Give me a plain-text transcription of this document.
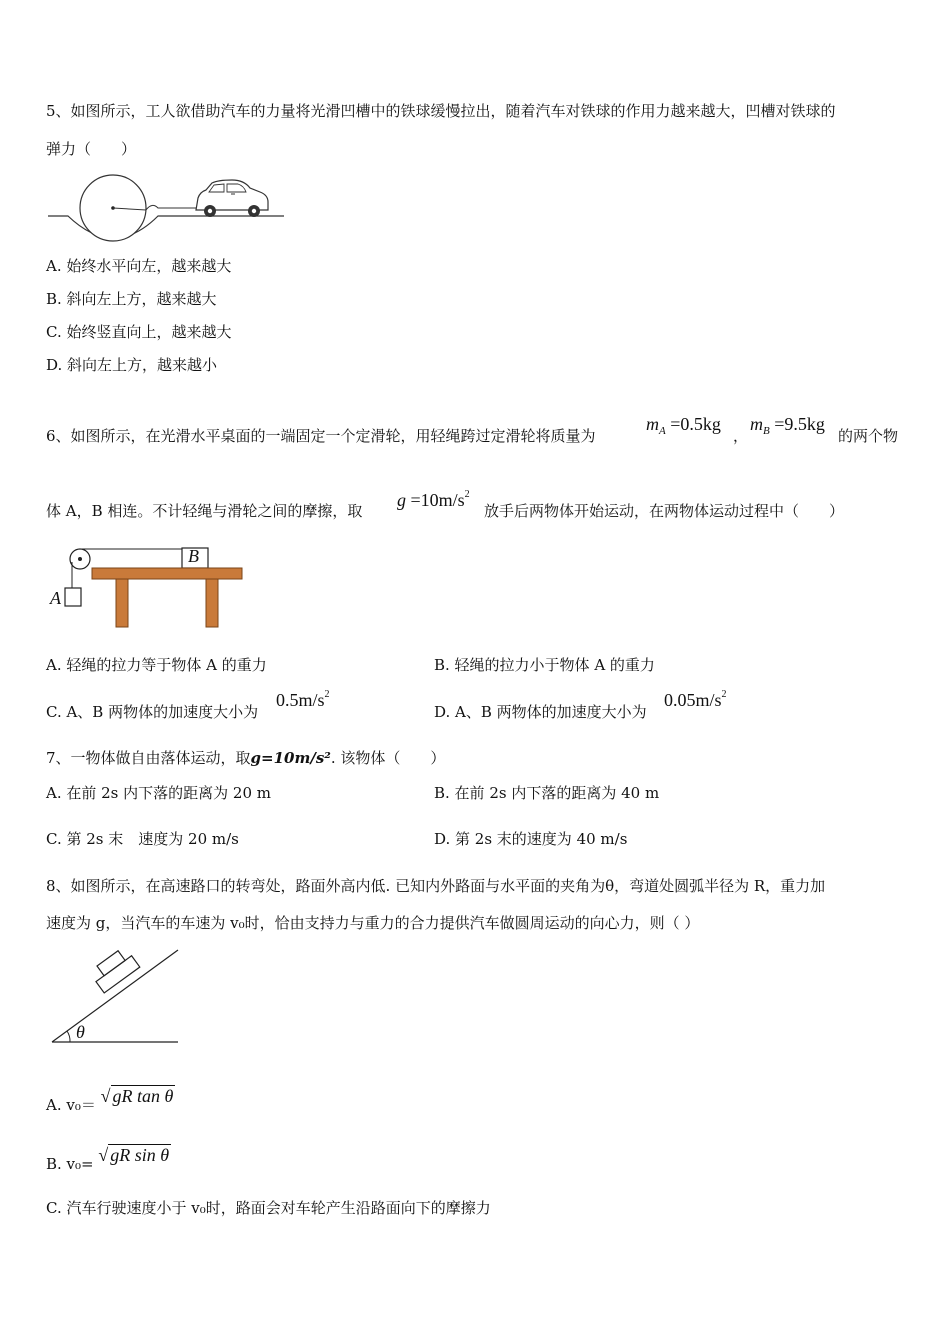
5、如图所示，工人欲借助汽车的力量将光滑凹槽中的铁球缓慢拉出，随着汽车对铁球的作用力越来越大，凹槽对铁球的
弹力（　　）
A. 始终水平向左，越来越大
B. 斜向左上方，越来越大
C. 始终竖直向上，越来越大
D. 斜向左上方，越来越小
6、如图所示，在光滑水平桌面的一端固定一个定滑轮，用轻绳跨过定滑轮将质量为
$m_A =0.5kg$
，
$m_B =9.5kg$
的两个物
体 A，B 相连。不计轻绳与滑轮之间的摩擦，取
$g =10m/s^2$
放手后两物体开始运动，在两物体运动过程中（　　）
B
A
A. 轻绳的拉力等于物体 A 的重力	B. 轻绳的拉力小于物体 A 的重力
C. A、B 两物体的加速度大小为
$0.5m/s^2$
D. A、B 两物体的加速度大小为
$0.05m/s^2$
7、一物体做自由落体运动，取g=10m/s². 该物体（　　）
A. 在前 2s 内下落的距离为 20 m	B. 在前 2s 内下落的距离为 40 m
C. 第 2s 末　速度为 20 m/s	D. 第 2s 末的速度为 40 m/s
8、如图所示，在高速路口的转弯处，路面外高内低. 已知内外路面与水平面的夹角为θ，弯道处圆弧半径为 R，重力加
速度为 g，当汽车的车速为 v₀时，恰由支持力与重力的合力提供汽车做圆周运动的向心力，则（ ）
θ
A. v₀＝ √ gR tan θ
B. v₀= √ gR sin θ
C. 汽车行驶速度小于 v₀时，路面会对车轮产生沿路面向下的摩擦力
